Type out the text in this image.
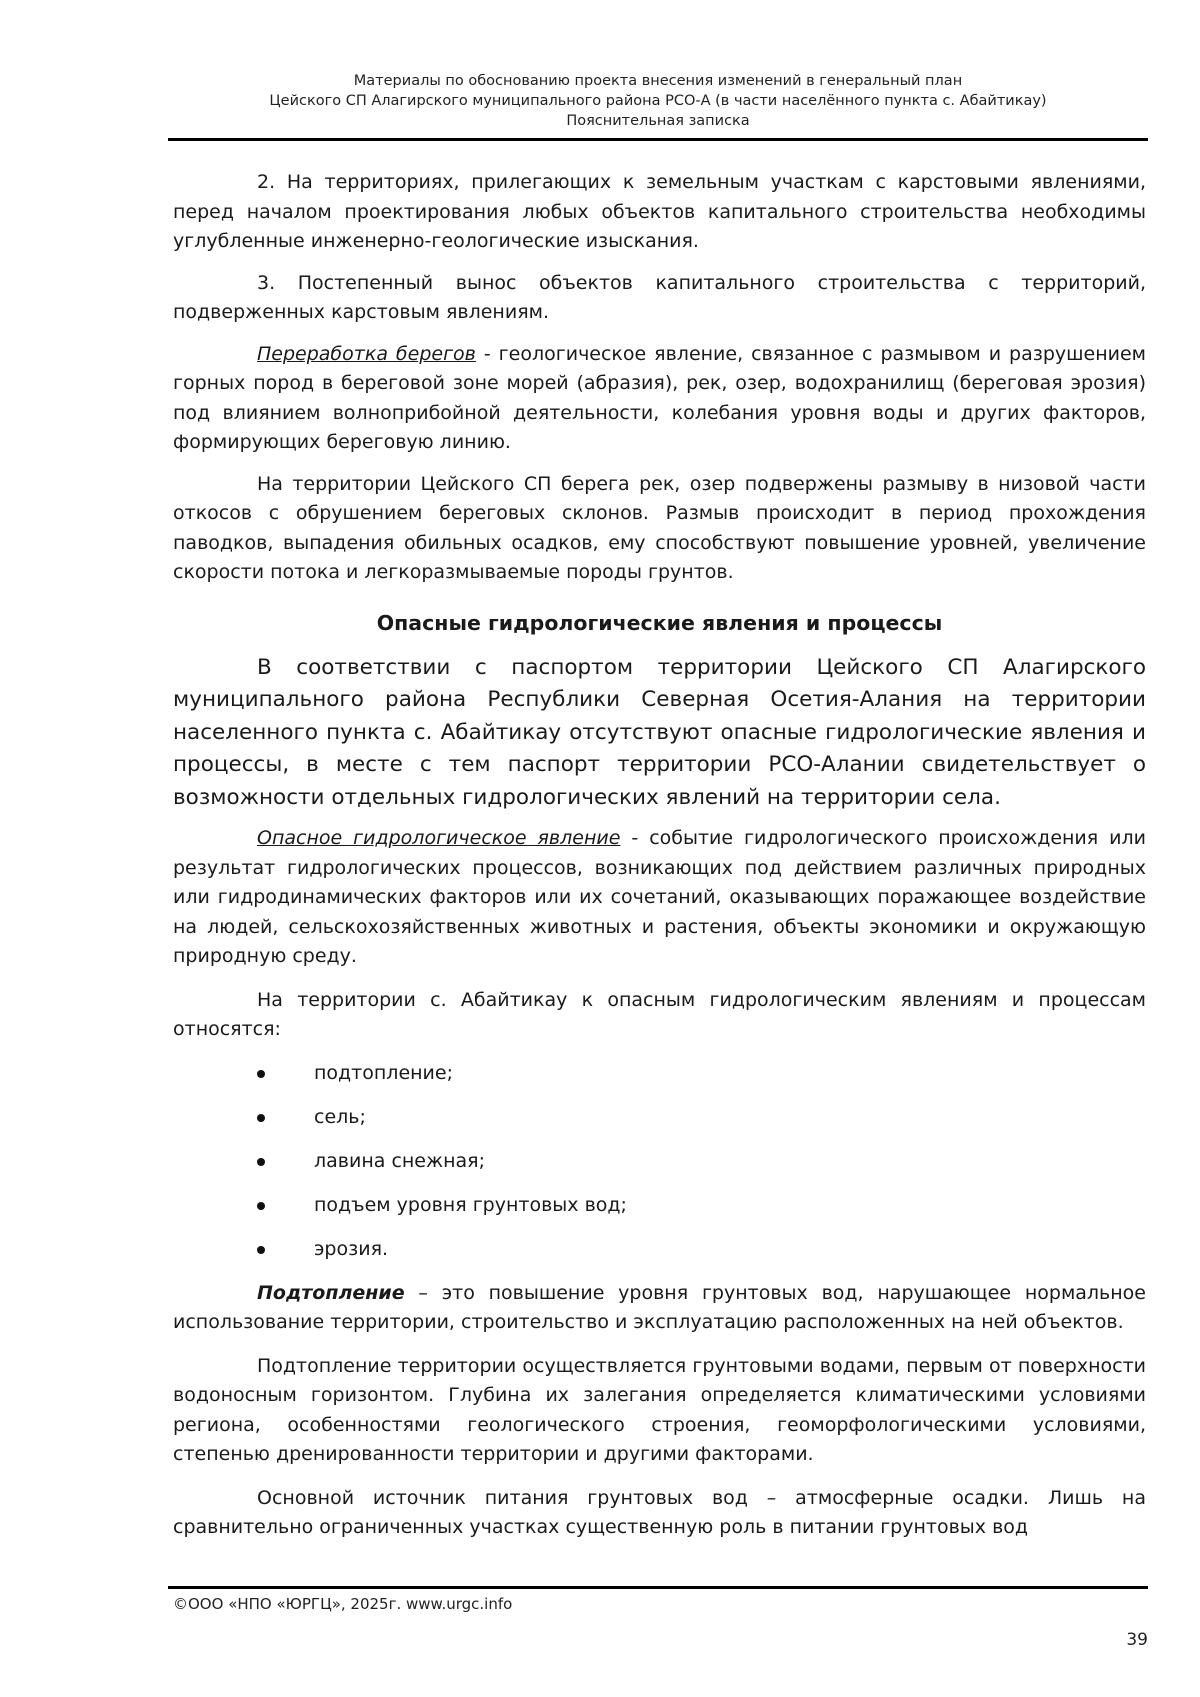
Материалы по обоснованию проекта внесения изменений в генеральный план
Цейского СП Алагирского муниципального района РСО-А (в части населённого пункта с. Абайтикау)
Пояснительная записка

2. На территориях, прилегающих к земельным участкам с карстовыми явлениями, перед началом проектирования любых объектов капитального строительства необходимы углубленные инженерно-геологические изыскания.

3. Постепенный вынос объектов капитального строительства с территорий, подверженных карстовым явлениям.

Переработка берегов - геологическое явление, связанное с размывом и разрушением горных пород в береговой зоне морей (абразия), рек, озер, водохранилищ (береговая эрозия) под влиянием волноприбойной деятельности, колебания уровня воды и других факторов, формирующих береговую линию.

На территории Цейского СП берега рек, озер подвержены размыву в низовой части откосов с обрушением береговых склонов. Размыв происходит в период прохождения паводков, выпадения обильных осадков, ему способствуют повышение уровней, увеличение скорости потока и легкоразмываемые породы грунтов.

Опасные гидрологические явления и процессы

В соответствии с паспортом территории Цейского СП Алагирского муниципального района Республики Северная Осетия-Алания на территории населенного пункта с. Абайтикау отсутствуют опасные гидрологические явления и процессы, в месте с тем паспорт территории РСО-Алании свидетельствует о возможности отдельных гидрологических явлений на территории села.

Опасное гидрологическое явление - событие гидрологического происхождения или результат гидрологических процессов, возникающих под действием различных природных или гидродинамических факторов или их сочетаний, оказывающих поражающее воздействие на людей, сельскохозяйственных животных и растения, объекты экономики и окружающую природную среду.

На территории с. Абайтикау к опасным гидрологическим явлениям и процессам относятся:

подтопление;
сель;
лавина снежная;
подъем уровня грунтовых вод;
эрозия.

Подтопление – это повышение уровня грунтовых вод, нарушающее нормальное использование территории, строительство и эксплуатацию расположенных на ней объектов.

Подтопление территории осуществляется грунтовыми водами, первым от поверхности водоносным горизонтом. Глубина их залегания определяется климатическими условиями региона, особенностями геологического строения, геоморфологическими условиями, степенью дренированности территории и другими факторами.

Основной источник питания грунтовых вод – атмосферные осадки. Лишь на сравнительно ограниченных участках существенную роль в питании грунтовых вод

©ООО «НПО «ЮРГЦ», 2025г. www.urgc.info
39
